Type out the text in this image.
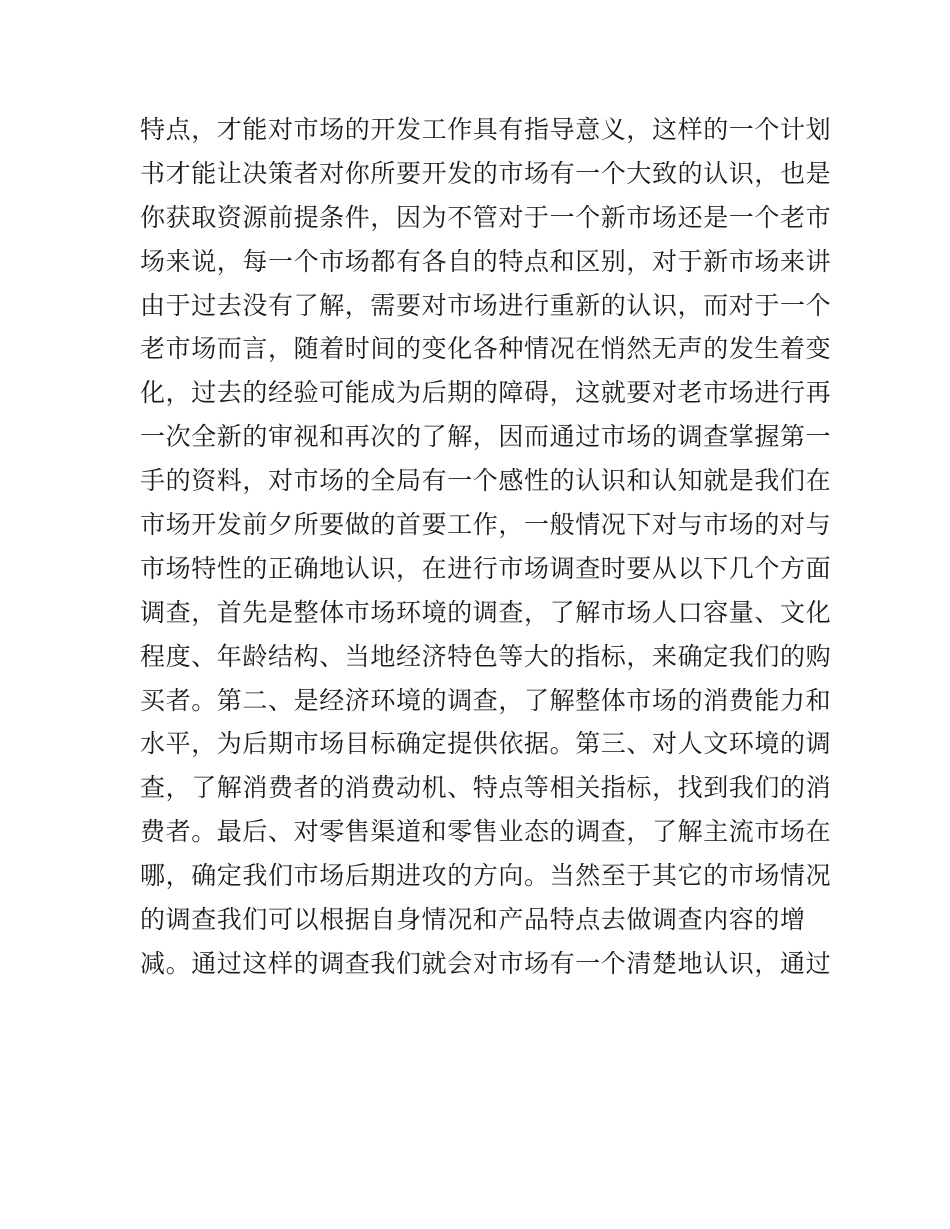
特点，才能对市场的开发工作具有指导意义，这样的一个计划
书才能让决策者对你所要开发的市场有一个大致的认识，也是
你获取资源前提条件，因为不管对于一个新市场还是一个老市
场来说，每一个市场都有各自的特点和区别，对于新市场来讲
由于过去没有了解，需要对市场进行重新的认识，而对于一个
老市场而言，随着时间的变化各种情况在悄然无声的发生着变
化，过去的经验可能成为后期的障碍，这就要对老市场进行再
一次全新的审视和再次的了解，因而通过市场的调查掌握第一
手的资料，对市场的全局有一个感性的认识和认知就是我们在
市场开发前夕所要做的首要工作，一般情况下对与市场的对与
市场特性的正确地认识，在进行市场调查时要从以下几个方面
调查，首先是整体市场环境的调查，了解市场人口容量、文化
程度、年龄结构、当地经济特色等大的指标，来确定我们的购
买者。第二、是经济环境的调查，了解整体市场的消费能力和
水平，为后期市场目标确定提供依据。第三、对人文环境的调
查，了解消费者的消费动机、特点等相关指标，找到我们的消
费者。最后、对零售渠道和零售业态的调查，了解主流市场在
哪，确定我们市场后期进攻的方向。当然至于其它的市场情况
的调查我们可以根据自身情况和产品特点去做调查内容的增
减。通过这样的调查我们就会对市场有一个清楚地认识，通过
